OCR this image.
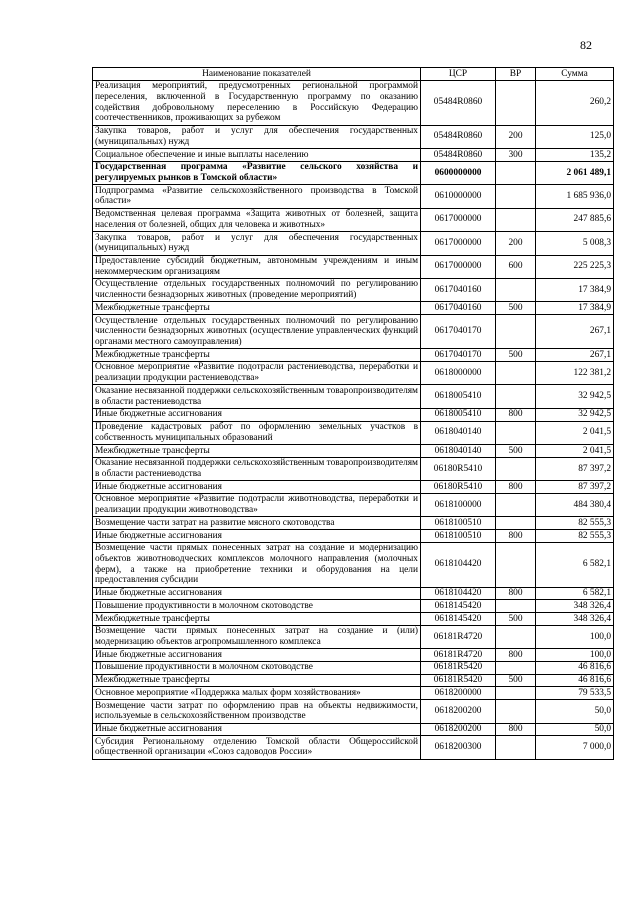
82
Наименование показателей	ЦСР	ВР	Сумма
Реализация мероприятий, предусмотренных региональной программой переселения, включенной в Государственную программу по оказанию содействия добровольному переселению в Российскую Федерацию соотечественников, проживающих за рубежом	05484R0860		260,2
Закупка товаров, работ и услуг для обеспечения государственных (муниципальных) нужд	05484R0860	200	125,0
Социальное обеспечение и иные выплаты населению	05484R0860	300	135,2
Государственная программа «Развитие сельского хозяйства и регулируемых рынков в Томской области»	0600000000		2 061 489,1
Подпрограмма «Развитие сельскохозяйственного производства в Томской области»	0610000000		1 685 936,0
Ведомственная целевая программа «Защита животных от болезней, защита населения от болезней, общих для человека и животных»	0617000000		247 885,6
Закупка товаров, работ и услуг для обеспечения государственных (муниципальных) нужд	0617000000	200	5 008,3
Предоставление субсидий бюджетным, автономным учреждениям и иным некоммерческим организациям	0617000000	600	225 225,3
Осуществление отдельных государственных полномочий по регулированию численности безнадзорных животных (проведение мероприятий)	0617040160		17 384,9
Межбюджетные трансферты	0617040160	500	17 384,9
Осуществление отдельных государственных полномочий по регулированию численности безнадзорных животных (осуществление управленческих функций органами местного самоуправления)	0617040170		267,1
Межбюджетные трансферты	0617040170	500	267,1
Основное мероприятие «Развитие подотрасли растениеводства, переработки и реализации продукции растениеводства»	0618000000		122 381,2
Оказание несвязанной поддержки сельскохозяйственным товаропроизводителям в области растениеводства	0618005410		32 942,5
Иные бюджетные ассигнования	0618005410	800	32 942,5
Проведение кадастровых работ по оформлению земельных участков в собственность муниципальных образований	0618040140		2 041,5
Межбюджетные трансферты	0618040140	500	2 041,5
Оказание несвязанной поддержки сельскохозяйственным товаропроизводителям в области растениеводства	06180R5410		87 397,2
Иные бюджетные ассигнования	06180R5410	800	87 397,2
Основное мероприятие «Развитие подотрасли животноводства, переработки и реализации продукции животноводства»	0618100000		484 380,4
Возмещение части затрат на развитие мясного скотоводства	0618100510		82 555,3
Иные бюджетные ассигнования	0618100510	800	82 555,3
Возмещение части прямых понесенных затрат на создание и модернизацию объектов животноводческих комплексов молочного направления (молочных ферм), а также на приобретение техники и оборудования на цели предоставления субсидии	0618104420		6 582,1
Иные бюджетные ассигнования	0618104420	800	6 582,1
Повышение продуктивности в молочном скотоводстве	0618145420		348 326,4
Межбюджетные трансферты	0618145420	500	348 326,4
Возмещение части прямых понесенных затрат на создание и (или) модернизацию объектов агропромышленного комплекса	06181R4720		100,0
Иные бюджетные ассигнования	06181R4720	800	100,0
Повышение продуктивности в молочном скотоводстве	06181R5420		46 816,6
Межбюджетные трансферты	06181R5420	500	46 816,6
Основное мероприятие «Поддержка малых форм хозяйствования»	0618200000		79 533,5
Возмещение части затрат по оформлению прав на объекты недвижимости, используемые в сельскохозяйственном производстве	0618200200		50,0
Иные бюджетные ассигнования	0618200200	800	50,0
Субсидия Региональному отделению Томской области Общероссийской общественной организации «Союз садоводов России»	0618200300		7 000,0
